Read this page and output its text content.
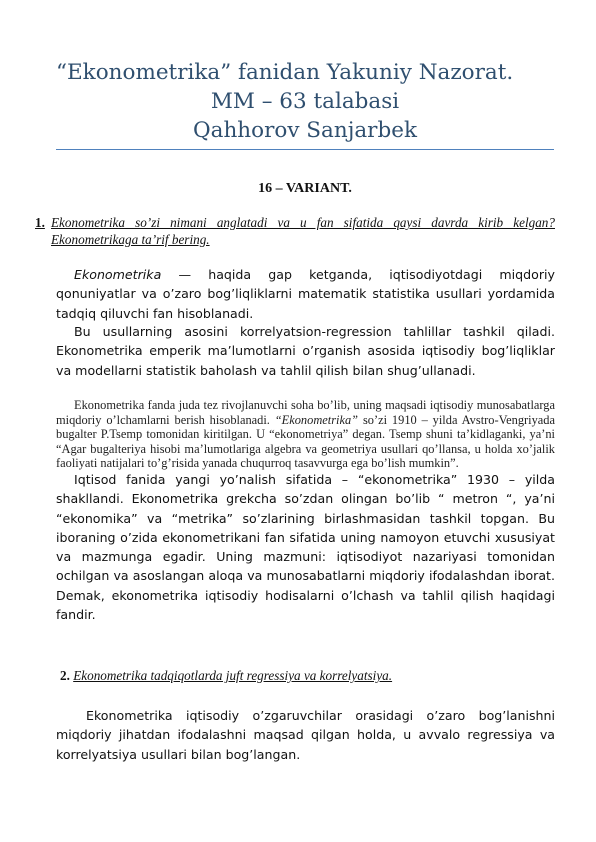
“Ekonometrika” fanidan Yakuniy Nazorat.
MM – 63 talabasi
Qahhorov Sanjarbek
16 – VARIANT.
1. Ekonometrika so’zi nimani anglatadi va u fan sifatida qaysi davrda kirib kelgan? Ekonometrikaga ta’rif bering.
Ekonometrika — haqida gap ketganda, iqtisodiyotdagi miqdoriy qonuniyatlar va o’zaro bog’liqliklarni matematik statistika usullari yordamida tadqiq qiluvchi fan hisoblanadi.
Bu usullarning asosini korrelyatsion-regression tahlillar tashkil qiladi. Ekonometrika emperik ma’lumotlarni o’rganish asosida iqtisodiy bog’liqliklar va modellarni statistik baholash va tahlil qilish bilan shug’ullanadi.
Ekonometrika fanda juda tez rivojlanuvchi soha bo’lib, uning maqsadi iqtisodiy munosabatlarga miqdoriy o’lchamlarni berish hisoblanadi. “Ekonometrika” so’zi 1910 – yilda Avstro-Vengriyada bugalter P.Tsemp tomonidan kiritilgan. U “ekonometriya” degan. Tsemp shuni ta’kidlaganki, ya’ni “Agar bugalteriya hisobi ma’lumotlariga algebra va geometriya usullari qo’llansa, u holda xo’jalik faoliyati natijalari to’g’risida yanada chuqurroq tasavvurga ega bo’lish mumkin”.
Iqtisod fanida yangi yo’nalish sifatida – “ekonometrika” 1930 – yilda shakllandi. Ekonometrika grekcha so’zdan olingan bo’lib “ metron “, ya’ni “ekonomika” va “metrika” so’zlarining birlashmasidan tashkil topgan. Bu iboraning o’zida ekonometrikani fan sifatida uning namoyon etuvchi xususiyat va mazmunga egadir. Uning mazmuni: iqtisodiyot nazariyasi tomonidan ochilgan va asoslangan aloqa va munosabatlarni miqdoriy ifodalashdan iborat. Demak, ekonometrika iqtisodiy hodisalarni o’lchash va tahlil qilish haqidagi fandir.
2. Ekonometrika tadqiqotlarda juft regressiya va korrelyatsiya.
Ekonometrika iqtisodiy o’zgaruvchilar orasidagi o’zaro bog’lanishni miqdoriy jihatdan ifodalashni maqsad qilgan holda, u avvalo regressiya va korrelyatsiya usullari bilan bog’langan.
